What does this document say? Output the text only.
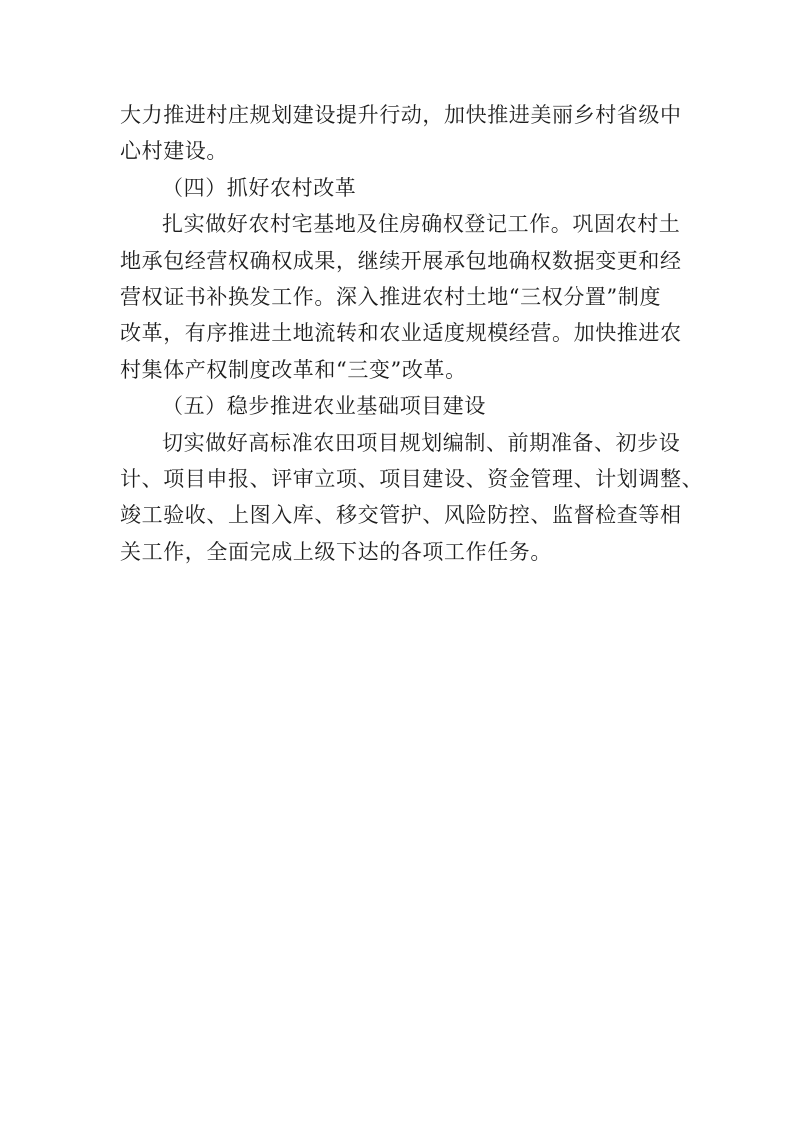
大力推进村庄规划建设提升行动，加快推进美丽乡村省级中
心村建设。
（四）抓好农村改革
扎实做好农村宅基地及住房确权登记工作。巩固农村土
地承包经营权确权成果，继续开展承包地确权数据变更和经
营权证书补换发工作。深入推进农村土地“三权分置”制度
改革，有序推进土地流转和农业适度规模经营。加快推进农
村集体产权制度改革和“三变”改革。
（五）稳步推进农业基础项目建设
切实做好高标准农田项目规划编制、前期准备、初步设
计、项目申报、评审立项、项目建设、资金管理、计划调整、
竣工验收、上图入库、移交管护、风险防控、监督检查等相
关工作，全面完成上级下达的各项工作任务。
